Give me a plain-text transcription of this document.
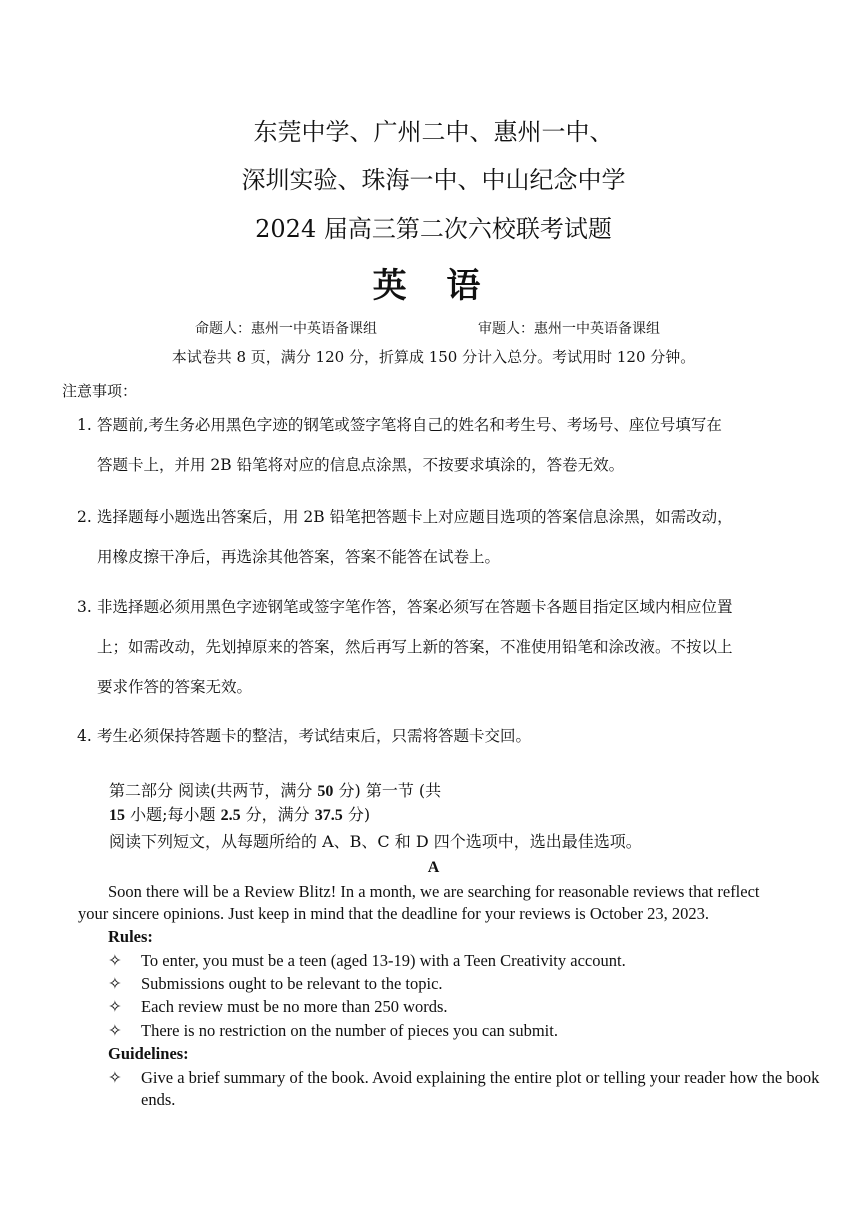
东莞中学、广州二中、惠州一中、
深圳实验、珠海一中、中山纪念中学
2024 届高三第二次六校联考试题
英 语
命题人：惠州一中英语备课组	审题人：惠州一中英语备课组
本试卷共 8 页，满分 120 分，折算成 150 分计入总分。考试用时 120 分钟。
注意事项：
1. 答题前,考生务必用黑色字迹的钢笔或签字笔将自己的姓名和考生号、考场号、座位号填写在
答题卡上，并用 2B 铅笔将对应的信息点涂黑，不按要求填涂的，答卷无效。
2. 选择题每小题选出答案后，用 2B 铅笔把答题卡上对应题目选项的答案信息涂黑，如需改动，
用橡皮擦干净后，再选涂其他答案，答案不能答在试卷上。
3. 非选择题必须用黑色字迹钢笔或签字笔作答，答案必须写在答题卡各题目指定区域内相应位置
上；如需改动，先划掉原来的答案，然后再写上新的答案，不准使用铅笔和涂改液。不按以上
要求作答的答案无效。
4. 考生必须保持答题卡的整洁，考试结束后，只需将答题卡交回。
第二部分 阅读(共两节，满分 50 分) 第一节 (共
15 小题;每小题 2.5 分，满分 37.5 分)
阅读下列短文，从每题所给的 A、B、C 和 D 四个选项中，选出最佳选项。
A
Soon there will be a Review Blitz! In a month, we are searching for reasonable reviews that reflect
your sincere opinions. Just keep in mind that the deadline for your reviews is October 23, 2023.
Rules:
✧	To enter, you must be a teen (aged 13-19) with a Teen Creativity account.
✧	Submissions ought to be relevant to the topic.
✧	Each review must be no more than 250 words.
✧	There is no restriction on the number of pieces you can submit.
Guidelines:
✧	Give a brief summary of the book. Avoid explaining the entire plot or telling your reader how the book ends.
